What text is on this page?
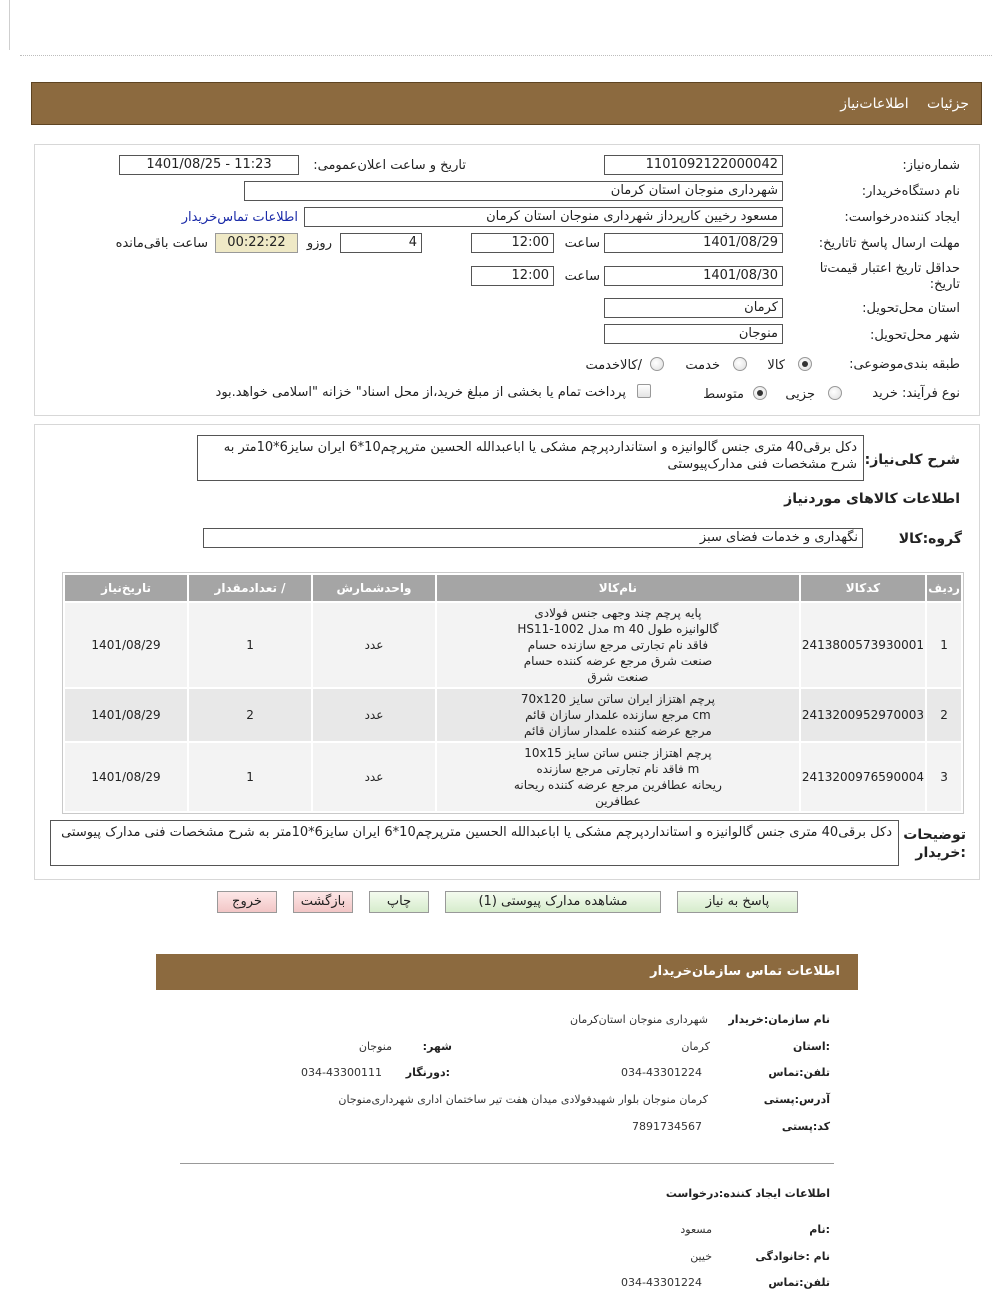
جزئیات اطلاعات‌نیاز
شماره‌نیاز:
1101092122000042
تاریخ و ساعت اعلان‌عمومی:
1401/08/25 - 11:23
نام دستگاه‌خریدار:
شهرداری منوجان استان کرمان
ایجاد کننده‌درخواست:
مسعود رخیین کارپرداز شهرداری منوجان استان کرمان
اطلاعات تماس‌خریدار
مهلت ارسال پاسخ تا‌تاریخ:
1401/08/29
ساعت
12:00
4
روزو
00:22:22
ساعت باقی‌مانده
حداقل تاریخ اعتبار قیمت‌تا
تاریخ:
1401/08/30
ساعت
12:00
استان محل‌تحویل:
کرمان
شهر محل‌تحویل:
منوجان
طبقه بندی‌موضوعی:
کالا
خدمت
/کالاخدمت
نوع فرآیند: خرید
جزیی
متوسط
پرداخت تمام یا بخشی از مبلغ خرید،از محل اسناد" خزانه "اسلامی خواهد.بود
شرح کلی‌نیاز:
دکل برقی40 متری جنس گالوانیزه و استانداردپرچم مشکی یا اباعبدالله الحسین مترپرچم10*6 ایران سایز6*10متر به شرح مشخصات فنی مدارک‌پیوستی
اطلاعات کالاهای موردنیاز
گروه:کالا
نگهداری و خدمات فضای سبز
ردیف	کدکالا	نام‌کالا	واحدشمارش	/ تعدادمقدار	تاریخ‌نیاز
1	2413800573930001	پایه پرچم چند وجهی جنس فولادی
گالوانیزه طول 40 m مدل HS11-1002
فاقد نام تجارتی مرجع سازنده حسام
صنعت شرق مرجع عرضه کننده حسام
صنعت شرق	عدد	1	1401/08/29
2	2413200952970003	پرچم اهتزاز ایران ساتن سایز 70x120
cm مرجع سازنده علمدار سازان قائم
مرجع عرضه کننده علمدار سازان قائم	عدد	2	1401/08/29
3	2413200976590004	پرچم اهتزاز جنس ساتن سایز 10x15
m فاقد نام تجارتی مرجع سازنده
ریحانه عطافرین مرجع عرضه کننده ریحانه
عطافرین	عدد	1	1401/08/29
توضیحات
:خریدار
دکل برقی40 متری جنس گالوانیزه و استانداردپرچم مشکی یا اباعبدالله الحسین مترپرچم10*6 ایران سایز6*10متر به شرح مشخصات فنی مدارک پیوستی
پاسخ به نیاز
مشاهده مدارک پیوستی (1)
چاپ
بازگشت
خروج
اطلاعات تماس سازمان‌خریدار
نام سازمان‌:خریدار
شهرداری منوجان استان‌کرمان
:استان
کرمان
شهر:
منوجان
تلفن‌:تماس
034-43301224
:دورنگار
034-43300111
آدرس‌:پستی
کرمان منوجان بلوار شهیدفولادی میدان هفت تیر ساختمان اداری شهرداری‌منوجان
کد‌:پستی
7891734567
اطلاعات ایجاد کننده‌:درخواست
:نام
مسعود
نام :خانوادگی
خیین
تلفن‌:تماس
034-43301224
